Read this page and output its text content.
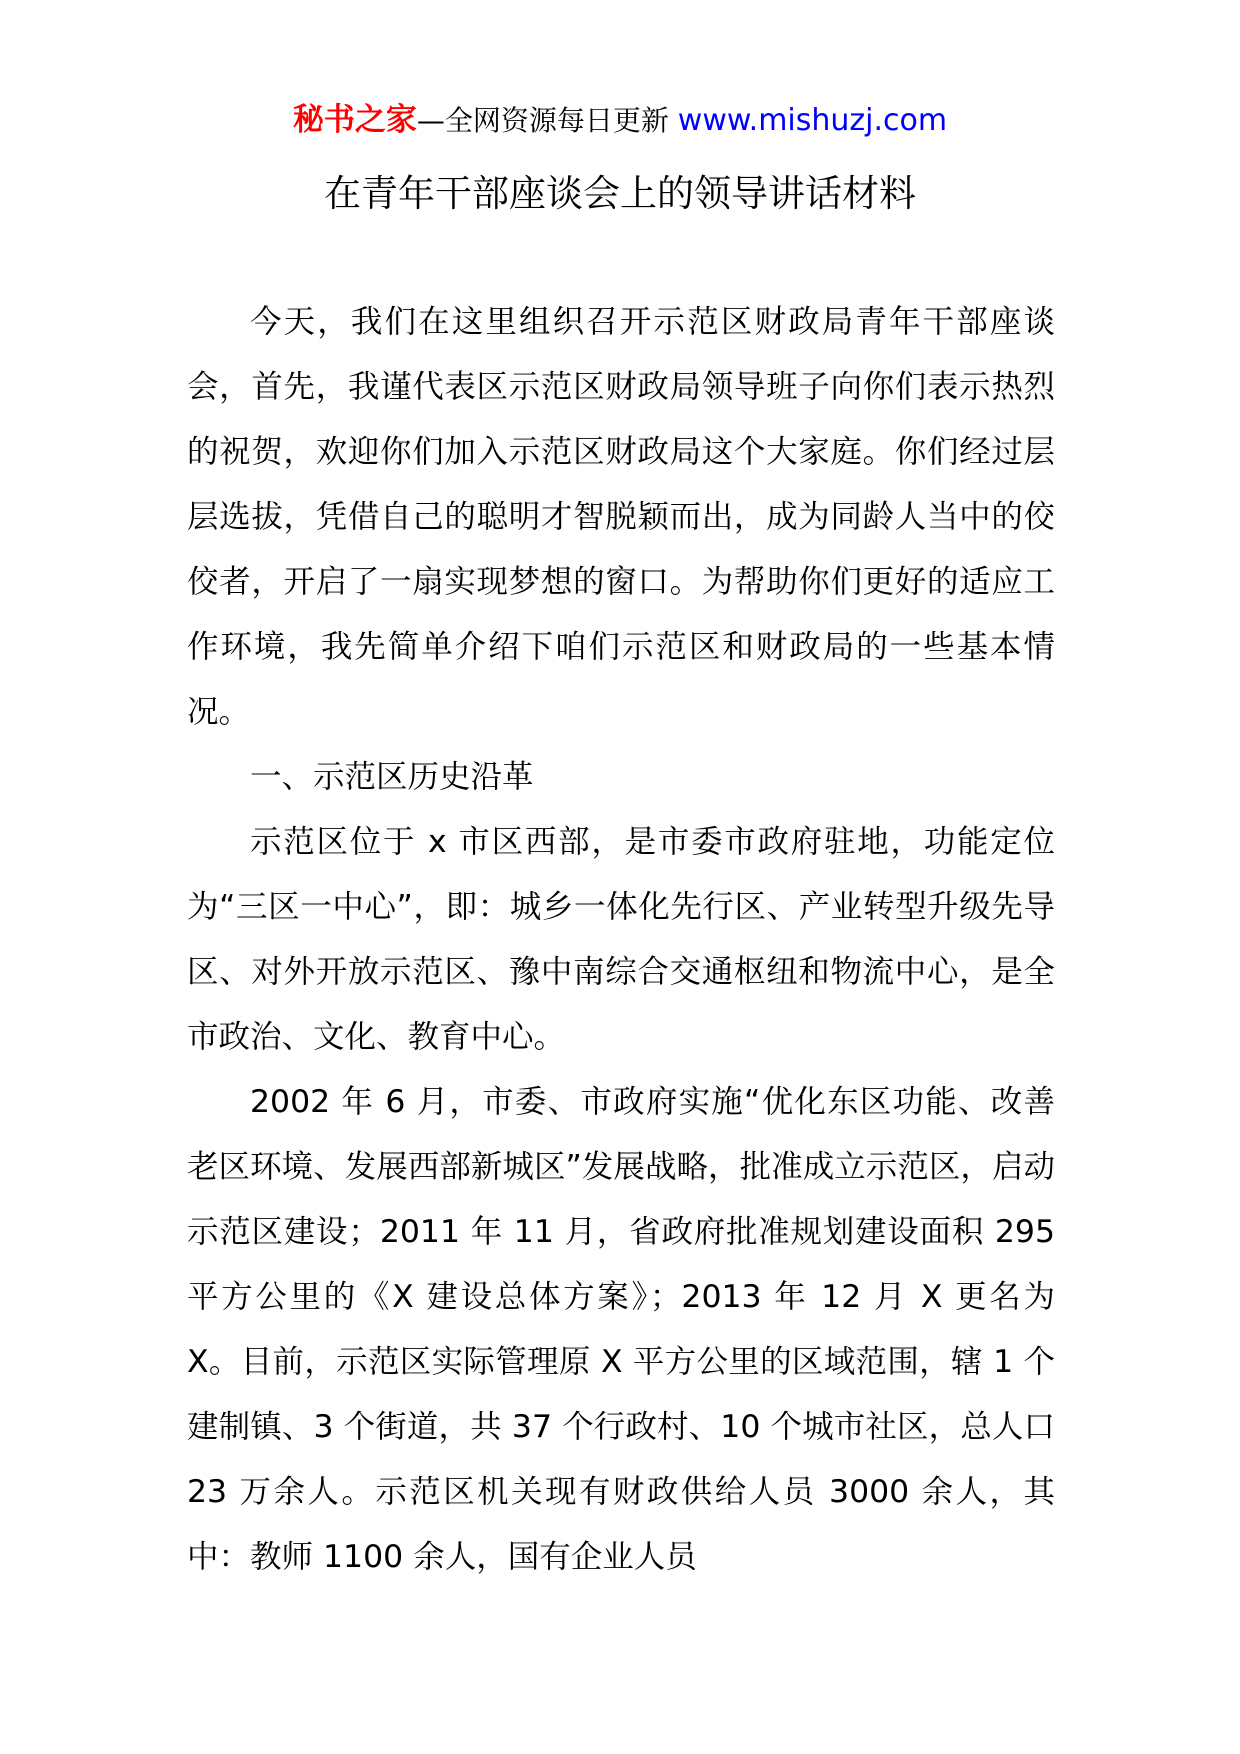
秘书之家—全网资源每日更新 www.mishuzj.com
在青年干部座谈会上的领导讲话材料

今天，我们在这里组织召开示范区财政局青年干部座谈会，首先，我谨代表区示范区财政局领导班子向你们表示热烈的祝贺，欢迎你们加入示范区财政局这个大家庭。你们经过层层选拔，凭借自己的聪明才智脱颖而出，成为同龄人当中的佼佼者，开启了一扇实现梦想的窗口。为帮助你们更好的适应工作环境，我先简单介绍下咱们示范区和财政局的一些基本情况。

一、示范区历史沿革

示范区位于 x 市区西部，是市委市政府驻地，功能定位为“三区一中心”，即：城乡一体化先行区、产业转型升级先导区、对外开放示范区、豫中南综合交通枢纽和物流中心，是全市政治、文化、教育中心。

2002 年 6 月，市委、市政府实施“优化东区功能、改善老区环境、发展西部新城区”发展战略，批准成立示范区，启动示范区建设；2011 年 11 月，省政府批准规划建设面积 295 平方公里的《X 建设总体方案》；2013 年 12 月 X 更名为 X。目前，示范区实际管理原 X 平方公里的区域范围，辖 1 个建制镇、3 个街道，共 37 个行政村、10 个城市社区，总人口 23 万余人。示范区机关现有财政供给人员 3000 余人，其中：教师 1100 余人，国有企业人员
